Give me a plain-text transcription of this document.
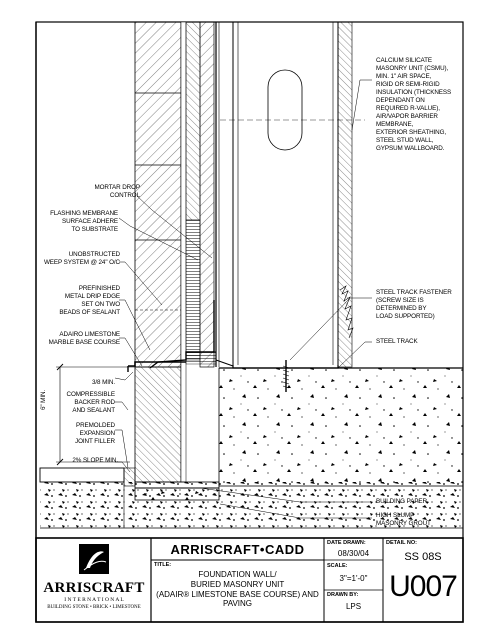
CALCIUM SILICATE
MASONRY UNIT (CSMU),
MIN. 1" AIR SPACE,
RIGID OR SEMI-RIGID
INSULATION (THICKNESS
DEPENDANT ON
REQUIRED R-VALUE),
AIR/VAPOR BARRIER
MEMBRANE,
EXTERIOR SHEATHING,
STEEL STUD WALL,
GYPSUM WALLBOARD.
MORTAR DROP
CONTROL
FLASHING MEMBRANE
SURFACE ADHERE
TO SUBSTRATE
UNOBSTRUCTED
WEEP SYSTEM @ 24" O/C
PREFINISHED
METAL DRIP EDGE
SET ON TWO
BEADS OF SEALANT
ADAIRO LIMESTONE
MARBLE BASE COURSE
3/8 MIN.
COMPRESSIBLE
BACKER ROD
AND SEALANT
PREMOLDED
EXPANSION
JOINT FILLER
2% SLOPE MIN.
6" MIN.
STEEL TRACK FASTENER
(SCREW SIZE IS
DETERMINED BY
LOAD SUPPORTED)
STEEL TRACK
BUILDING PAPER
HIGH SLUMP
MASONRY GROUT
ARRISCRAFT
I N T E R N A T I O N A L
BUILDING STONE • BRICK • LIMESTONE
ARRISCRAFT•CADD
TITLE:
FOUNDATION WALL/
BURIED MASONRY UNIT
(ADAIR® LIMESTONE BASE COURSE) AND PAVING
DATE DRAWN:
08/30/04
SCALE:
3"=1'-0"
DRAWN BY:
LPS
DETAIL NO:
SS 08S
U007
